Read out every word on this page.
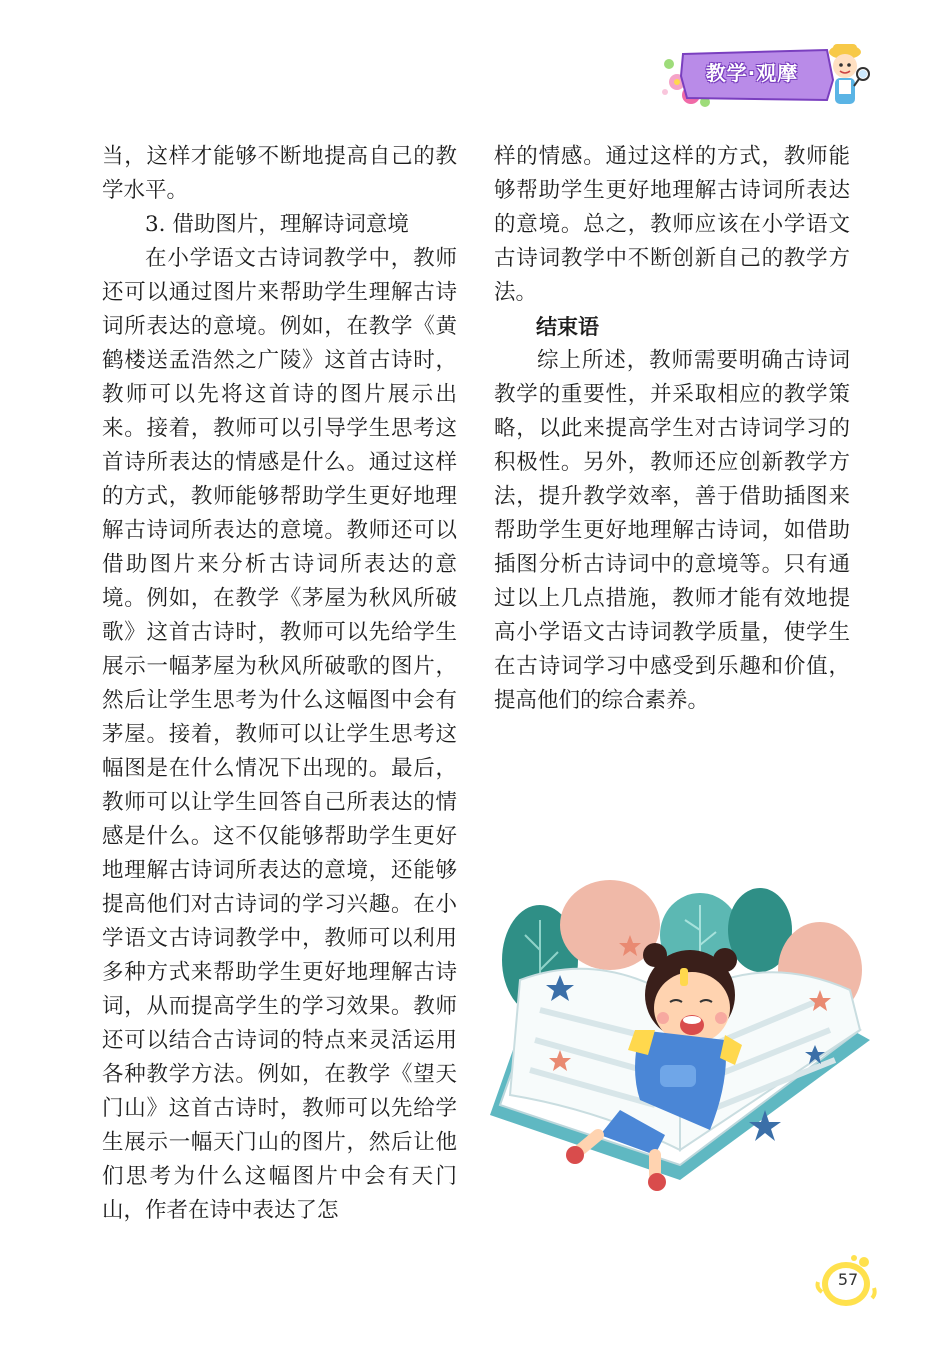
教学·观摩

当，这样才能够不断地提高自己的教学水平。

3. 借助图片，理解诗词意境

在小学语文古诗词教学中，教师还可以通过图片来帮助学生理解古诗词所表达的意境。例如，在教学《黄鹤楼送孟浩然之广陵》这首古诗时，教师可以先将这首诗的图片展示出来。接着，教师可以引导学生思考这首诗所表达的情感是什么。通过这样的方式，教师能够帮助学生更好地理解古诗词所表达的意境。教师还可以借助图片来分析古诗词所表达的意境。例如，在教学《茅屋为秋风所破歌》这首古诗时，教师可以先给学生展示一幅茅屋为秋风所破歌的图片，然后让学生思考为什么这幅图中会有茅屋。接着，教师可以让学生思考这幅图是在什么情况下出现的。最后，教师可以让学生回答自己所表达的情感是什么。这不仅能够帮助学生更好地理解古诗词所表达的意境，还能够提高他们对古诗词的学习兴趣。在小学语文古诗词教学中，教师可以利用多种方式来帮助学生更好地理解古诗词，从而提高学生的学习效果。教师还可以结合古诗词的特点来灵活运用各种教学方法。例如，在教学《望天门山》这首古诗时，教师可以先给学生展示一幅天门山的图片，然后让他们思考为什么这幅图片中会有天门山，作者在诗中表达了怎

样的情感。通过这样的方式，教师能够帮助学生更好地理解古诗词所表达的意境。总之，教师应该在小学语文古诗词教学中不断创新自己的教学方法。

结束语

综上所述，教师需要明确古诗词教学的重要性，并采取相应的教学策略，以此来提高学生对古诗词学习的积极性。另外，教师还应创新教学方法，提升教学效率，善于借助插图来帮助学生更好地理解古诗词，如借助插图分析古诗词中的意境等。只有通过以上几点措施，教师才能有效地提高小学语文古诗词教学质量，使学生在古诗词学习中感受到乐趣和价值，提高他们的综合素养。

57
